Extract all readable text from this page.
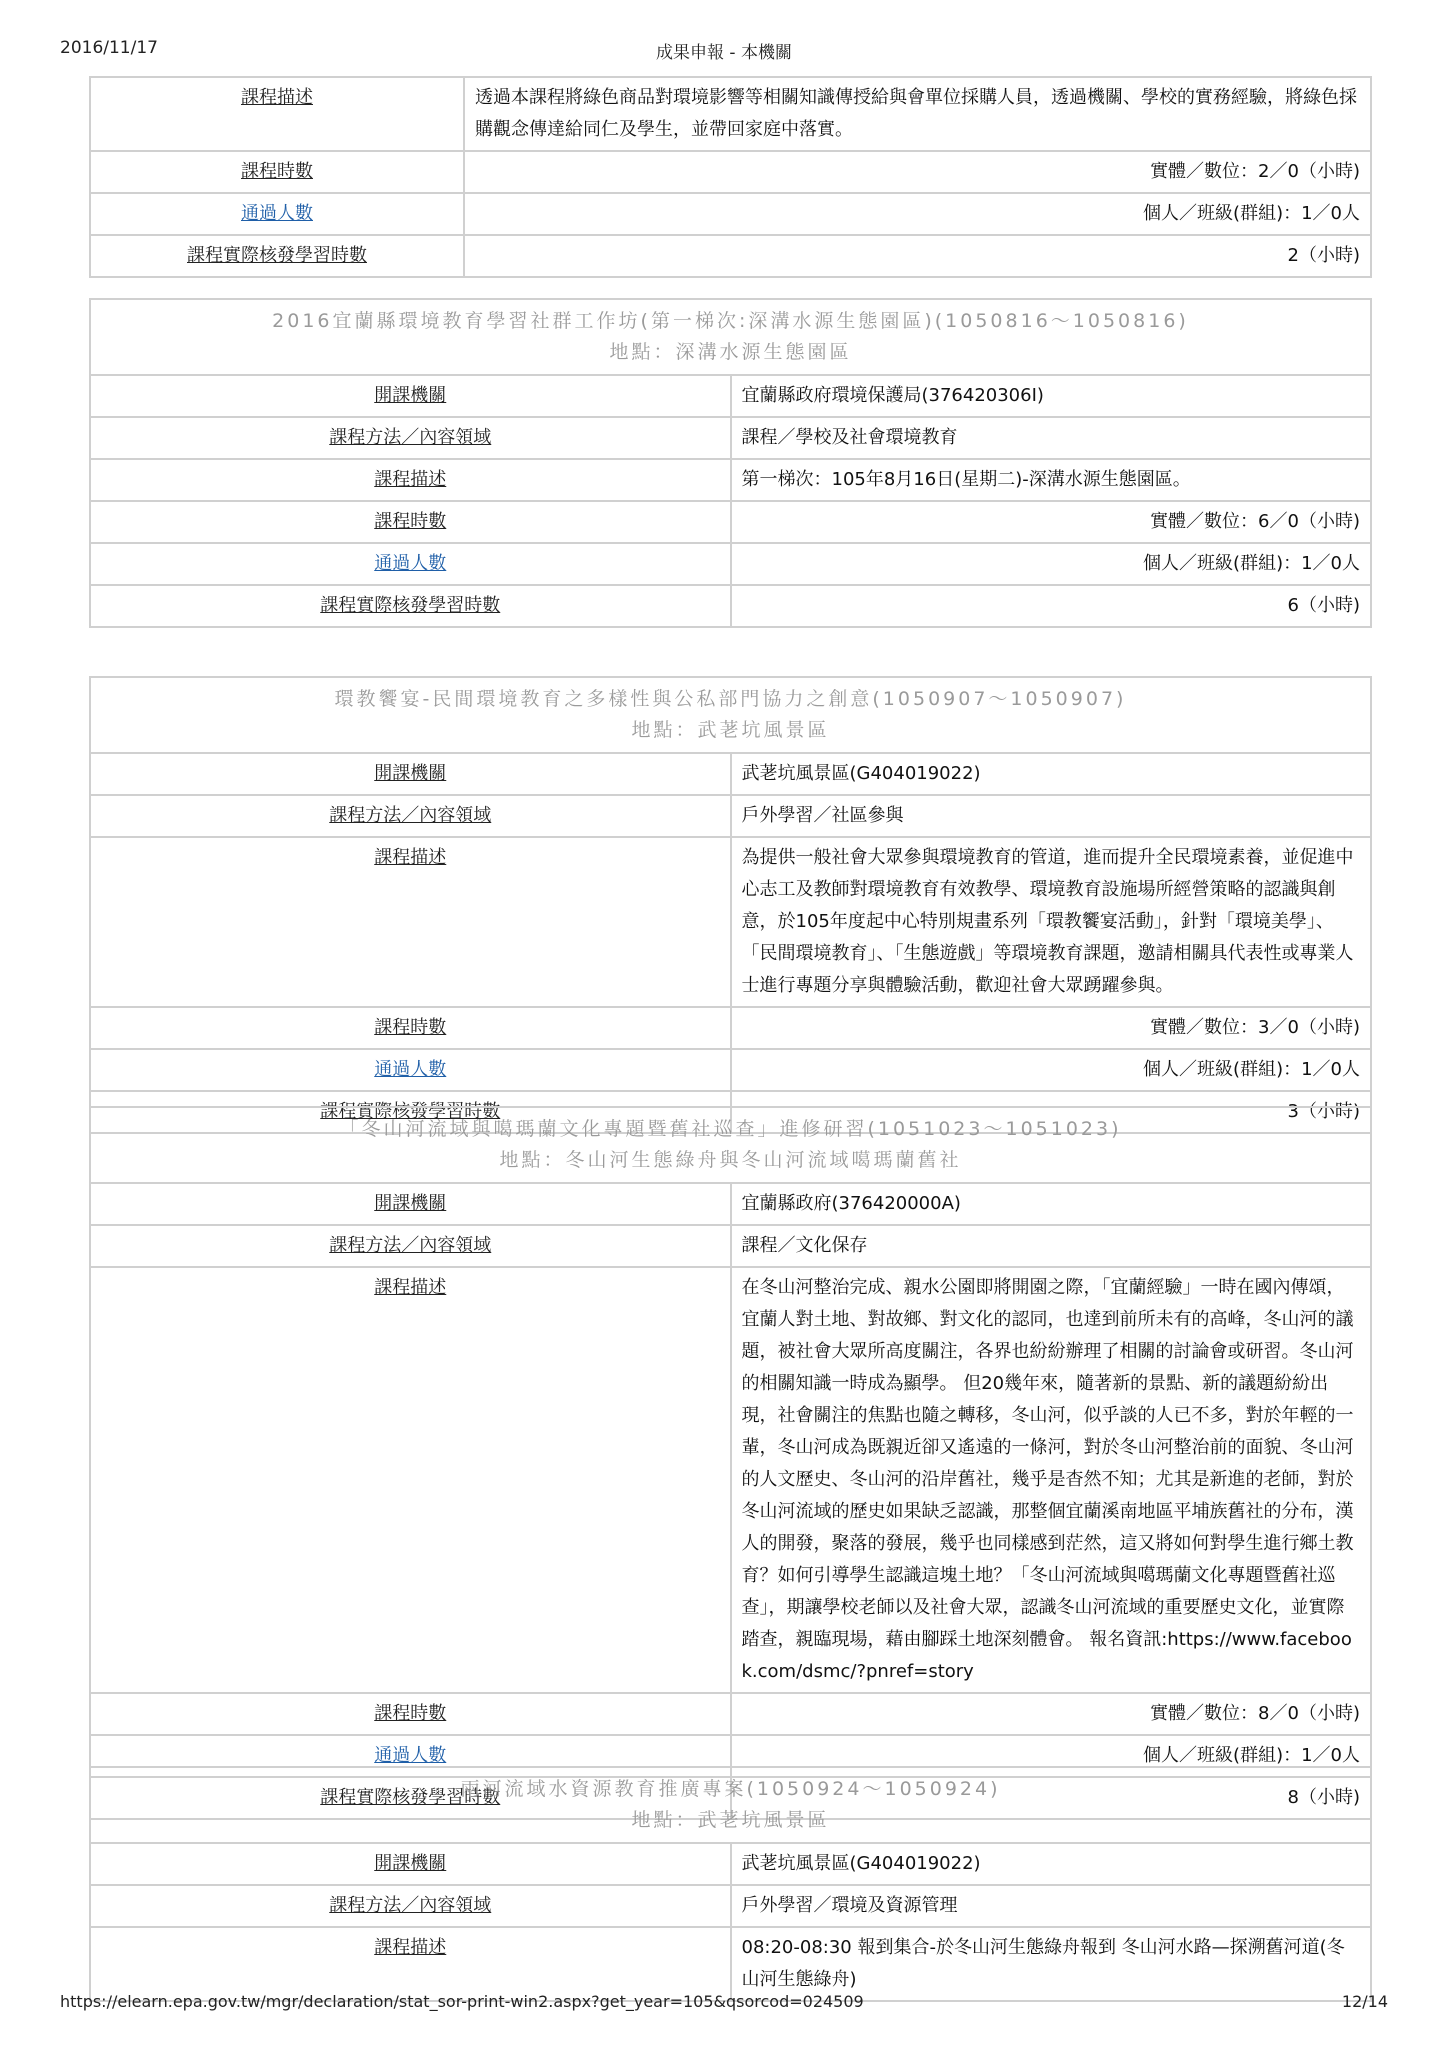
2016/11/17	成果申報 - 本機關
課程描述	透過本課程將綠色商品對環境影響等相關知識傳授給與會單位採購人員，透過機關、學校的實務經驗，將綠色採購觀念傳達給同仁及學生，並帶回家庭中落實。
課程時數	實體／數位：2／0（小時)
通過人數	個人／班級(群組)：1／0人
課程實際核發學習時數	2（小時)
2016宜蘭縣環境教育學習社群工作坊(第一梯次:深溝水源生態園區)(1050816～1050816)
地點：深溝水源生態園區	

開課機關	宜蘭縣政府環境保護局(376420306I)
課程方法／內容領域	課程／學校及社會環境教育
課程描述	第一梯次：105年8月16日(星期二)-深溝水源生態園區。
課程時數	實體／數位：6／0（小時)
通過人數	個人／班級(群組)：1／0人
課程實際核發學習時數	6（小時)
環教饗宴-民間環境教育之多樣性與公私部門協力之創意(1050907～1050907)
地點：武荖坑風景區	

開課機關	武荖坑風景區(G404019022)
課程方法／內容領域	戶外學習／社區參與
課程描述	為提供一般社會大眾參與環境教育的管道，進而提升全民環境素養，並促進中心志工及教師對環境教育有效教學、環境教育設施場所經營策略的認識與創意，於105年度起中心特別規畫系列「環教饗宴活動」，針對「環境美學」、「民間環境教育」、「生態遊戲」等環境教育課題，邀請相關具代表性或專業人士進行專題分享與體驗活動，歡迎社會大眾踴躍參與。
課程時數	實體／數位：3／0（小時)
通過人數	個人／班級(群組)：1／0人
課程實際核發學習時數	3（小時)
「冬山河流域與噶瑪蘭文化專題暨舊社巡查」進修研習(1051023～1051023)
地點：冬山河生態綠舟與冬山河流域噶瑪蘭舊社	

開課機關	宜蘭縣政府(376420000A)
課程方法／內容領域	課程／文化保存
課程描述	在冬山河整治完成、親水公園即將開園之際，「宜蘭經驗」一時在國內傳頌，宜蘭人對土地、對故鄉、對文化的認同，也達到前所未有的高峰，冬山河的議題，被社會大眾所高度關注，各界也紛紛辦理了相關的討論會或研習。冬山河的相關知識一時成為顯學。 但20幾年來，隨著新的景點、新的議題紛紛出現，社會關注的焦點也隨之轉移，冬山河，似乎談的人已不多，對於年輕的一輩，冬山河成為既親近卻又遙遠的一條河，對於冬山河整治前的面貌、冬山河的人文歷史、冬山河的沿岸舊社，幾乎是杳然不知；尤其是新進的老師，對於冬山河流域的歷史如果缺乏認識，那整個宜蘭溪南地區平埔族舊社的分布，漢人的開發，聚落的發展，幾乎也同樣感到茫然，這又將如何對學生進行鄉土教育？如何引導學生認識這塊土地？「冬山河流域與噶瑪蘭文化專題暨舊社巡查」，期讓學校老師以及社會大眾，認識冬山河流域的重要歷史文化，並實際踏查，親臨現場，藉由腳踩土地深刻體會。 報名資訊:https://www.facebook.com/dsmc/?pnref=story
課程時數	實體／數位：8／0（小時)
通過人數	個人／班級(群組)：1／0人
課程實際核發學習時數	8（小時)
兩河流域水資源教育推廣專案(1050924～1050924)
地點：武荖坑風景區	

開課機關	武荖坑風景區(G404019022)
課程方法／內容領域	戶外學習／環境及資源管理
課程描述	08:20-08:30 報到集合-於冬山河生態綠舟報到 冬山河水路—探溯舊河道(冬山河生態綠舟)
https://elearn.epa.gov.tw/mgr/declaration/stat_sor-print-win2.aspx?get_year=105&qsorcod=024509	12/14
